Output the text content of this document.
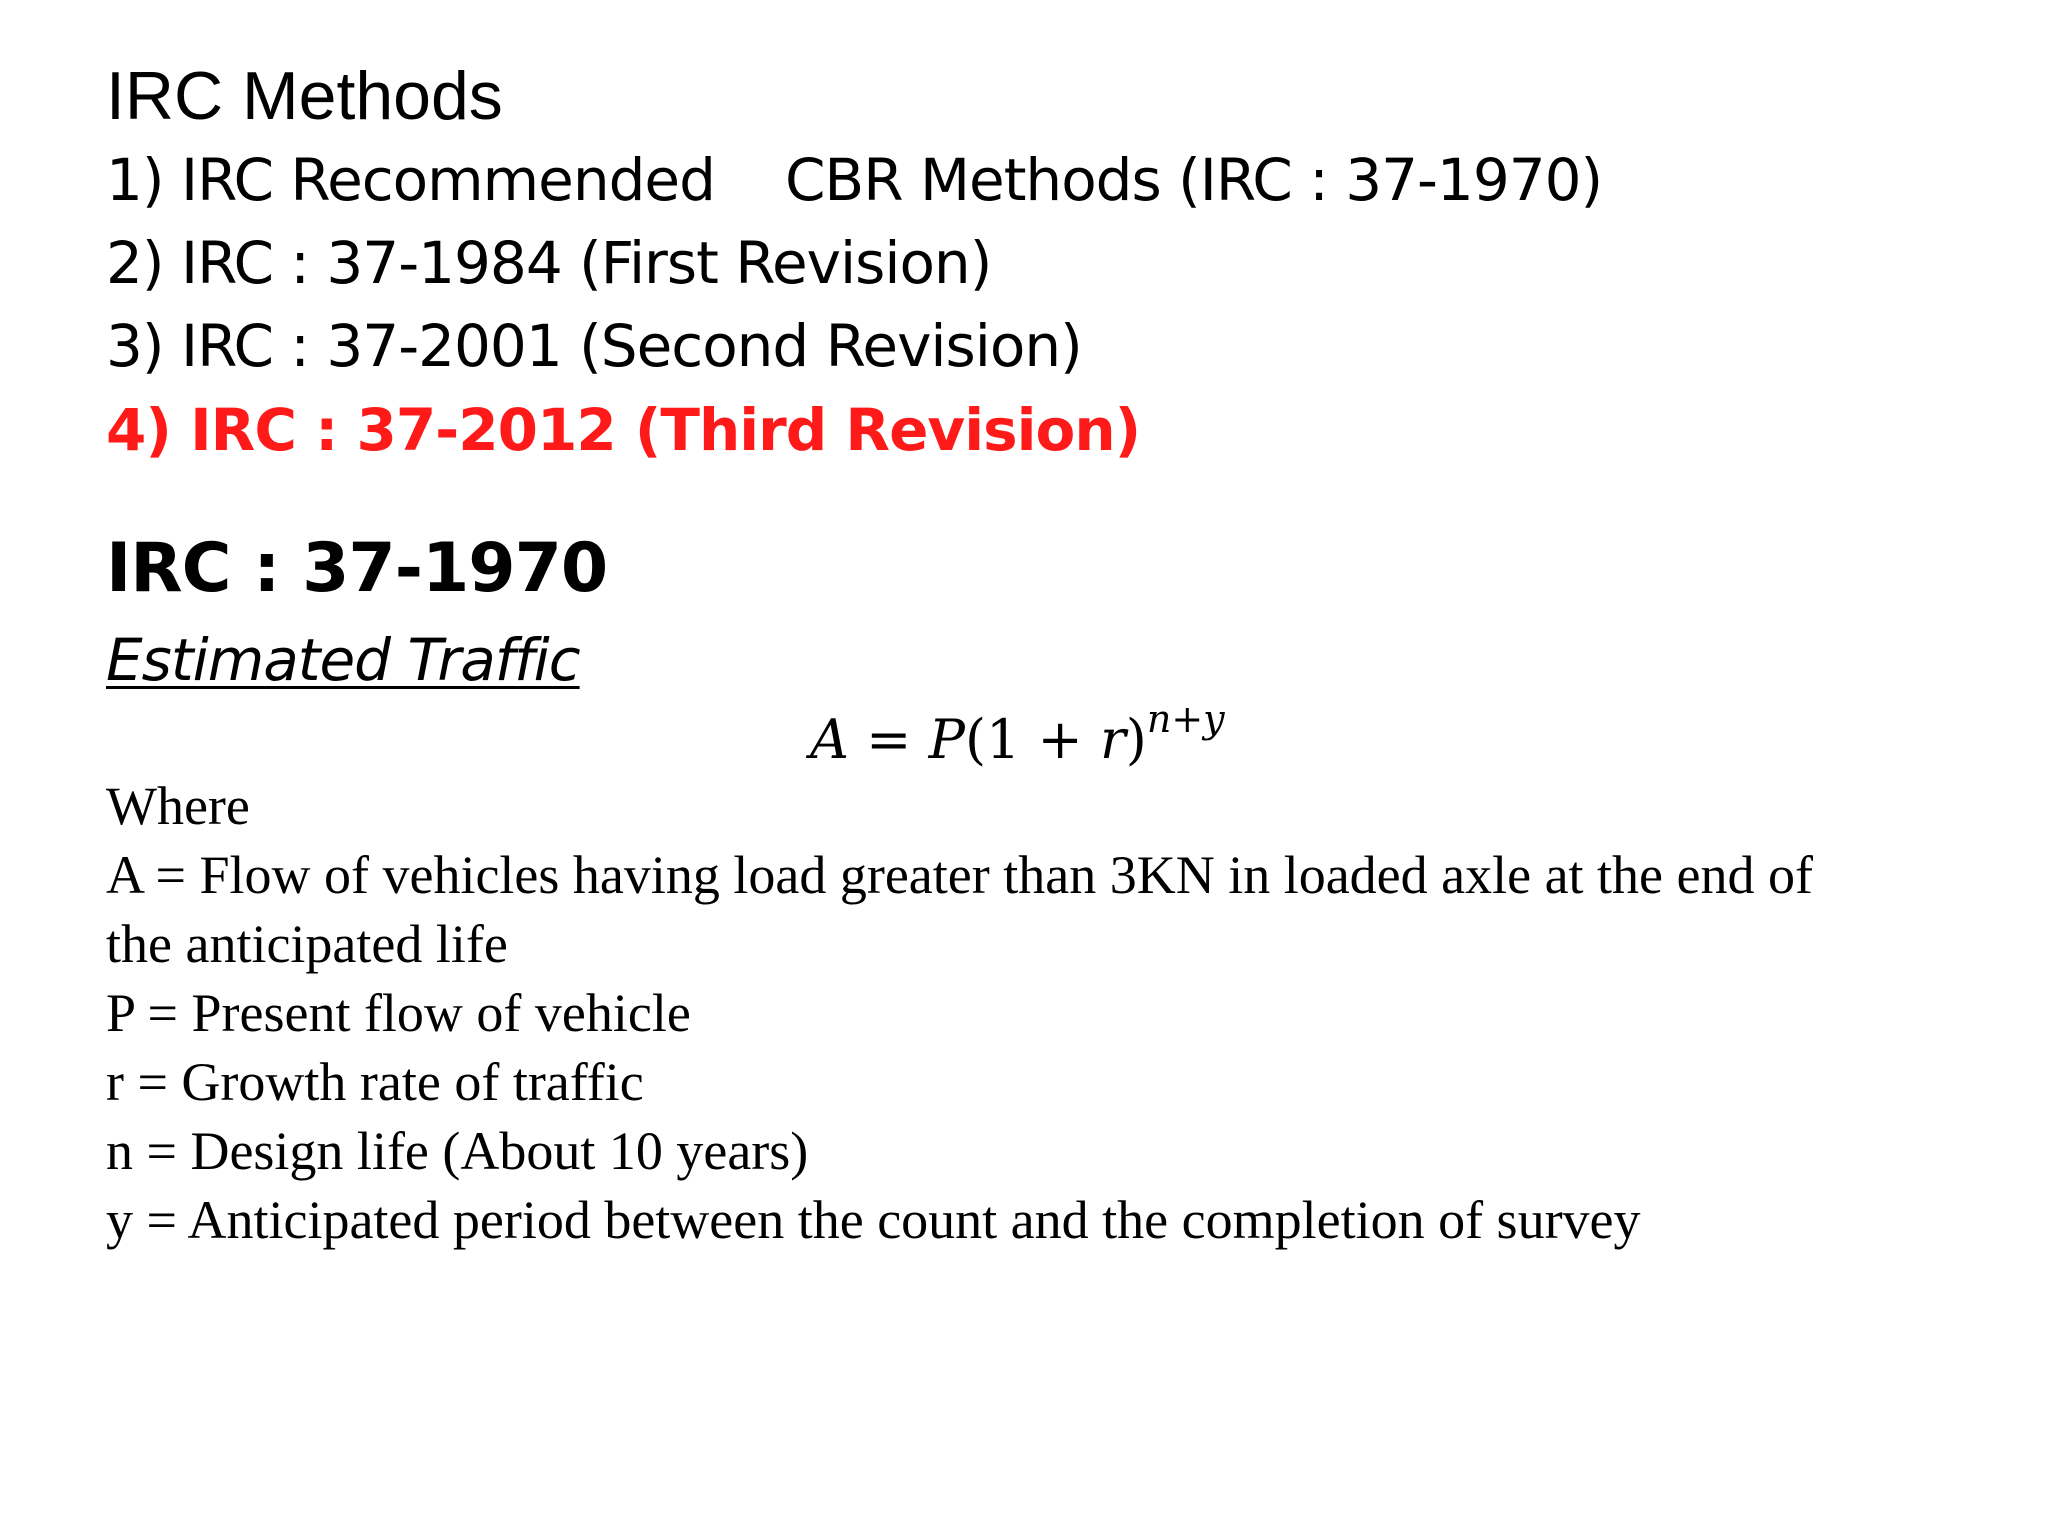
IRC Methods
1) IRC Recommended CBR Methods (IRC : 37-1970)
2) IRC : 37-1984 (First Revision)
3) IRC : 37-2001 (Second Revision)
4) IRC : 37-2012 (Third Revision)
IRC : 37-1970
Estimated Traffic
$A = P(1 + r)^{n+y}$
Where
A = Flow of vehicles having load greater than 3KN in loaded axle at the end of
the anticipated life
P = Present flow of vehicle
r = Growth rate of traffic
n = Design life (About 10 years)
y = Anticipated period between the count and the completion of survey
